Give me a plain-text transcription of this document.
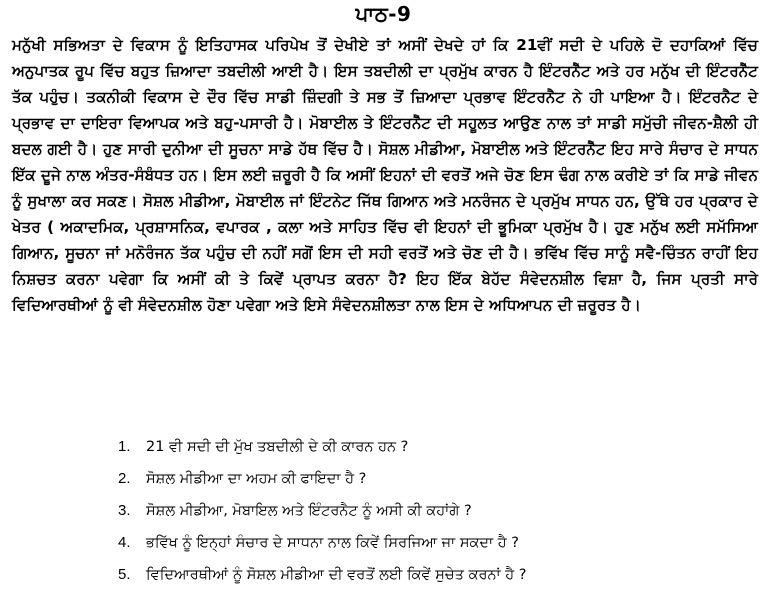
ਪਾਠ-9

ਮਨੁੱਖੀ ਸਭਿਅਤਾ ਦੇ ਵਿਕਾਸ ਨੂੰ ਇਤਿਹਾਸਕ ਪਰਿਪੇਖ ਤੋਂ ਦੇਖੀਏ ਤਾਂ ਅਸੀਂ ਦੇਖਦੇ ਹਾਂ ਕਿ 21ਵੀਂ ਸਦੀ ਦੇ ਪਹਿਲੇ ਦੋ ਦਹਾਕਿਆਂ ਵਿੱਚ ਅਨੁਪਾਤਕ ਰੂਪ ਵਿੱਚ ਬਹੁਤ ਜ਼ਿਆਦਾ ਤਬਦੀਲੀ ਆਈ ਹੈ। ਇਸ ਤਬਦੀਲੀ ਦਾ ਪ੍ਰਮੁੱਖ ਕਾਰਨ ਹੈ ਇੰਟਰਨੈੱਟ ਅਤੇ ਹਰ ਮਨੁੱਖ ਦੀ ਇੰਟਰਨੈੱਟ ਤੱਕ ਪਹੁੰਚ। ਤਕਨੀਕੀ ਵਿਕਾਸ ਦੇ ਦੌਰ ਵਿੱਚ ਸਾਡੀ ਜ਼ਿੰਦਗੀ ਤੇ ਸਭ ਤੋਂ ਜ਼ਿਆਦਾ ਪ੍ਰਭਾਵ ਇੰਟਰਨੈਟ ਨੇ ਹੀ ਪਾਇਆ ਹੈ। ਇੰਟਰਨੈਟ ਦੇ ਪ੍ਰਭਾਵ ਦਾ ਦਾਇਰਾ ਵਿਆਪਕ ਅਤੇ ਬਹੁ-ਪਸਾਰੀ ਹੈ। ਮੋਬਾਈਲ ਤੇ ਇੰਟਰਨੈੱਟ ਦੀ ਸਹੂਲਤ ਆਉਣ ਨਾਲ ਤਾਂ ਸਾਡੀ ਸਮੁੱਚੀ ਜੀਵਨ-ਸ਼ੈਲੀ ਹੀ ਬਦਲ ਗਈ ਹੈ। ਹੁਣ ਸਾਰੀ ਦੁਨੀਆ ਦੀ ਸੂਚਨਾ ਸਾਡੇ ਹੱਥ ਵਿੱਚ ਹੈ। ਸੋਸ਼ਲ ਮੀਡੀਆ, ਮੋਬਾਈਲ ਅਤੇ ਇੰਟਰਨੈੱਟ ਇਹ ਸਾਰੇ ਸੰਚਾਰ ਦੇ ਸਾਧਨ ਇੱਕ ਦੂਜੇ ਨਾਲ ਅੰਤਰ-ਸੰਬੰਧਤ ਹਨ। ਇਸ ਲਈ ਜ਼ਰੂਰੀ ਹੈ ਕਿ ਅਸੀਂ ਇਹਨਾਂ ਦੀ ਵਰਤੋਂ ਅਜੇ ਚੋਣ ਇਸ ਢੰਗ ਨਾਲ ਕਰੀਏ ਤਾਂ ਕਿ ਸਾਡੇ ਜੀਵਨ ਨੂੰ ਸੁਖਾਲਾ ਕਰ ਸਕਣ। ਸੋਸ਼ਲ ਮੀਡੀਆ, ਮੋਬਾਈਲ ਜਾਂ ਇੰਟਨੇਟ ਜਿੱਥ ਗਿਆਨ ਅਤੇ ਮਨਰੰਜਨ ਦੇ ਪ੍ਰਮੁੱਖ ਸਾਧਨ ਹਨ, ਉੱਥੇ ਹਰ ਪ੍ਰਕਾਰ ਦੇ ਖੇਤਰ ( ਅਕਾਦਮਿਕ, ਪ੍ਰਸ਼ਾਸਨਿਕ, ਵਪਾਰਕ , ਕਲਾ ਅਤੇ ਸਾਹਿਤ ਵਿੱਚ ਵੀ ਇਹਨਾਂ ਦੀ ਭੂਮਿਕਾ ਪ੍ਰਮੁੱਖ ਹੈ। ਹੁਣ ਮਨੁੱਖ ਲਈ ਸਮੱਸਿਆ ਗਿਆਨ, ਸੂਚਨਾ ਜਾਂ ਮਨੋਰੰਜਨ ਤੱਕ ਪਹੁੰਚ ਦੀ ਨਹੀਂ ਸਗੋਂ ਇਸ ਦੀ ਸਹੀ ਵਰਤੋਂ ਅਤੇ ਚੋਣ ਦੀ ਹੈ। ਭਵਿੱਖ ਵਿੱਚ ਸਾਨੂੰ ਸਵੈ-ਚਿੰਤਨ ਰਾਹੀਂ ਇਹ ਨਿਸ਼ਚਤ ਕਰਨਾ ਪਵੇਗਾ ਕਿ ਅਸੀਂ ਕੀ ਤੇ ਕਿਵੇਂ ਪ੍ਰਾਪਤ ਕਰਨਾ ਹੈ? ਇਹ ਇੱਕ ਬੇਹੱਦ ਸੰਵੇਦਨਸ਼ੀਲ ਵਿਸ਼ਾ ਹੈ, ਜਿਸ ਪ੍ਰਤੀ ਸਾਰੇ ਵਿਦਿਆਰਥੀਆਂ ਨੂੰ ਵੀ ਸੰਵੇਦਨਸ਼ੀਲ ਹੋਣਾ ਪਵੇਗਾ ਅਤੇ ਇਸੇ ਸੰਵੇਦਨਸ਼ੀਲਤਾ ਨਾਲ ਇਸ ਦੇ ਅਧਿਆਪਨ ਦੀ ਜ਼ਰੂਰਤ ਹੈ।

1.	21 ਵੀ ਸਦੀ ਦੀ ਮੁੱਖ ਤਬਦੀਲੀ ਦੇ ਕੀ ਕਾਰਨ ਹਨ ?
2.	ਸੋਸ਼ਲ ਮੀਡੀਆ ਦਾ ਅਹਮ ਕੀ ਫਾਇਦਾ ਹੈ ?
3.	ਸੋਸ਼ਲ ਮੀਡੀਆ, ਮੋਬਾਇਲ ਅਤੇ ਇੰਟਰਨੈਟ ਨੂੰ ਅਸੀ ਕੀ ਕਹਾਂਗੇ ?
4.	ਭਵਿੱਖ ਨੂੰ ਇਨ੍ਹਾਂ ਸੰਚਾਰ ਦੇ ਸਾਧਨਾ ਨਾਲ ਕਿਵੇਂ ਸਿਰਜਿਆ ਜਾ ਸਕਦਾ ਹੈ ?
5.	ਵਿਦਿਆਰਥੀਆਂ ਨੂੰ ਸੋਸ਼ਲ ਮੀਡੀਆ ਦੀ ਵਰਤੋਂ ਲਈ ਕਿਵੇਂ ਸੁਚੇਤ ਕਰਨਾਂ ਹੈ ?
